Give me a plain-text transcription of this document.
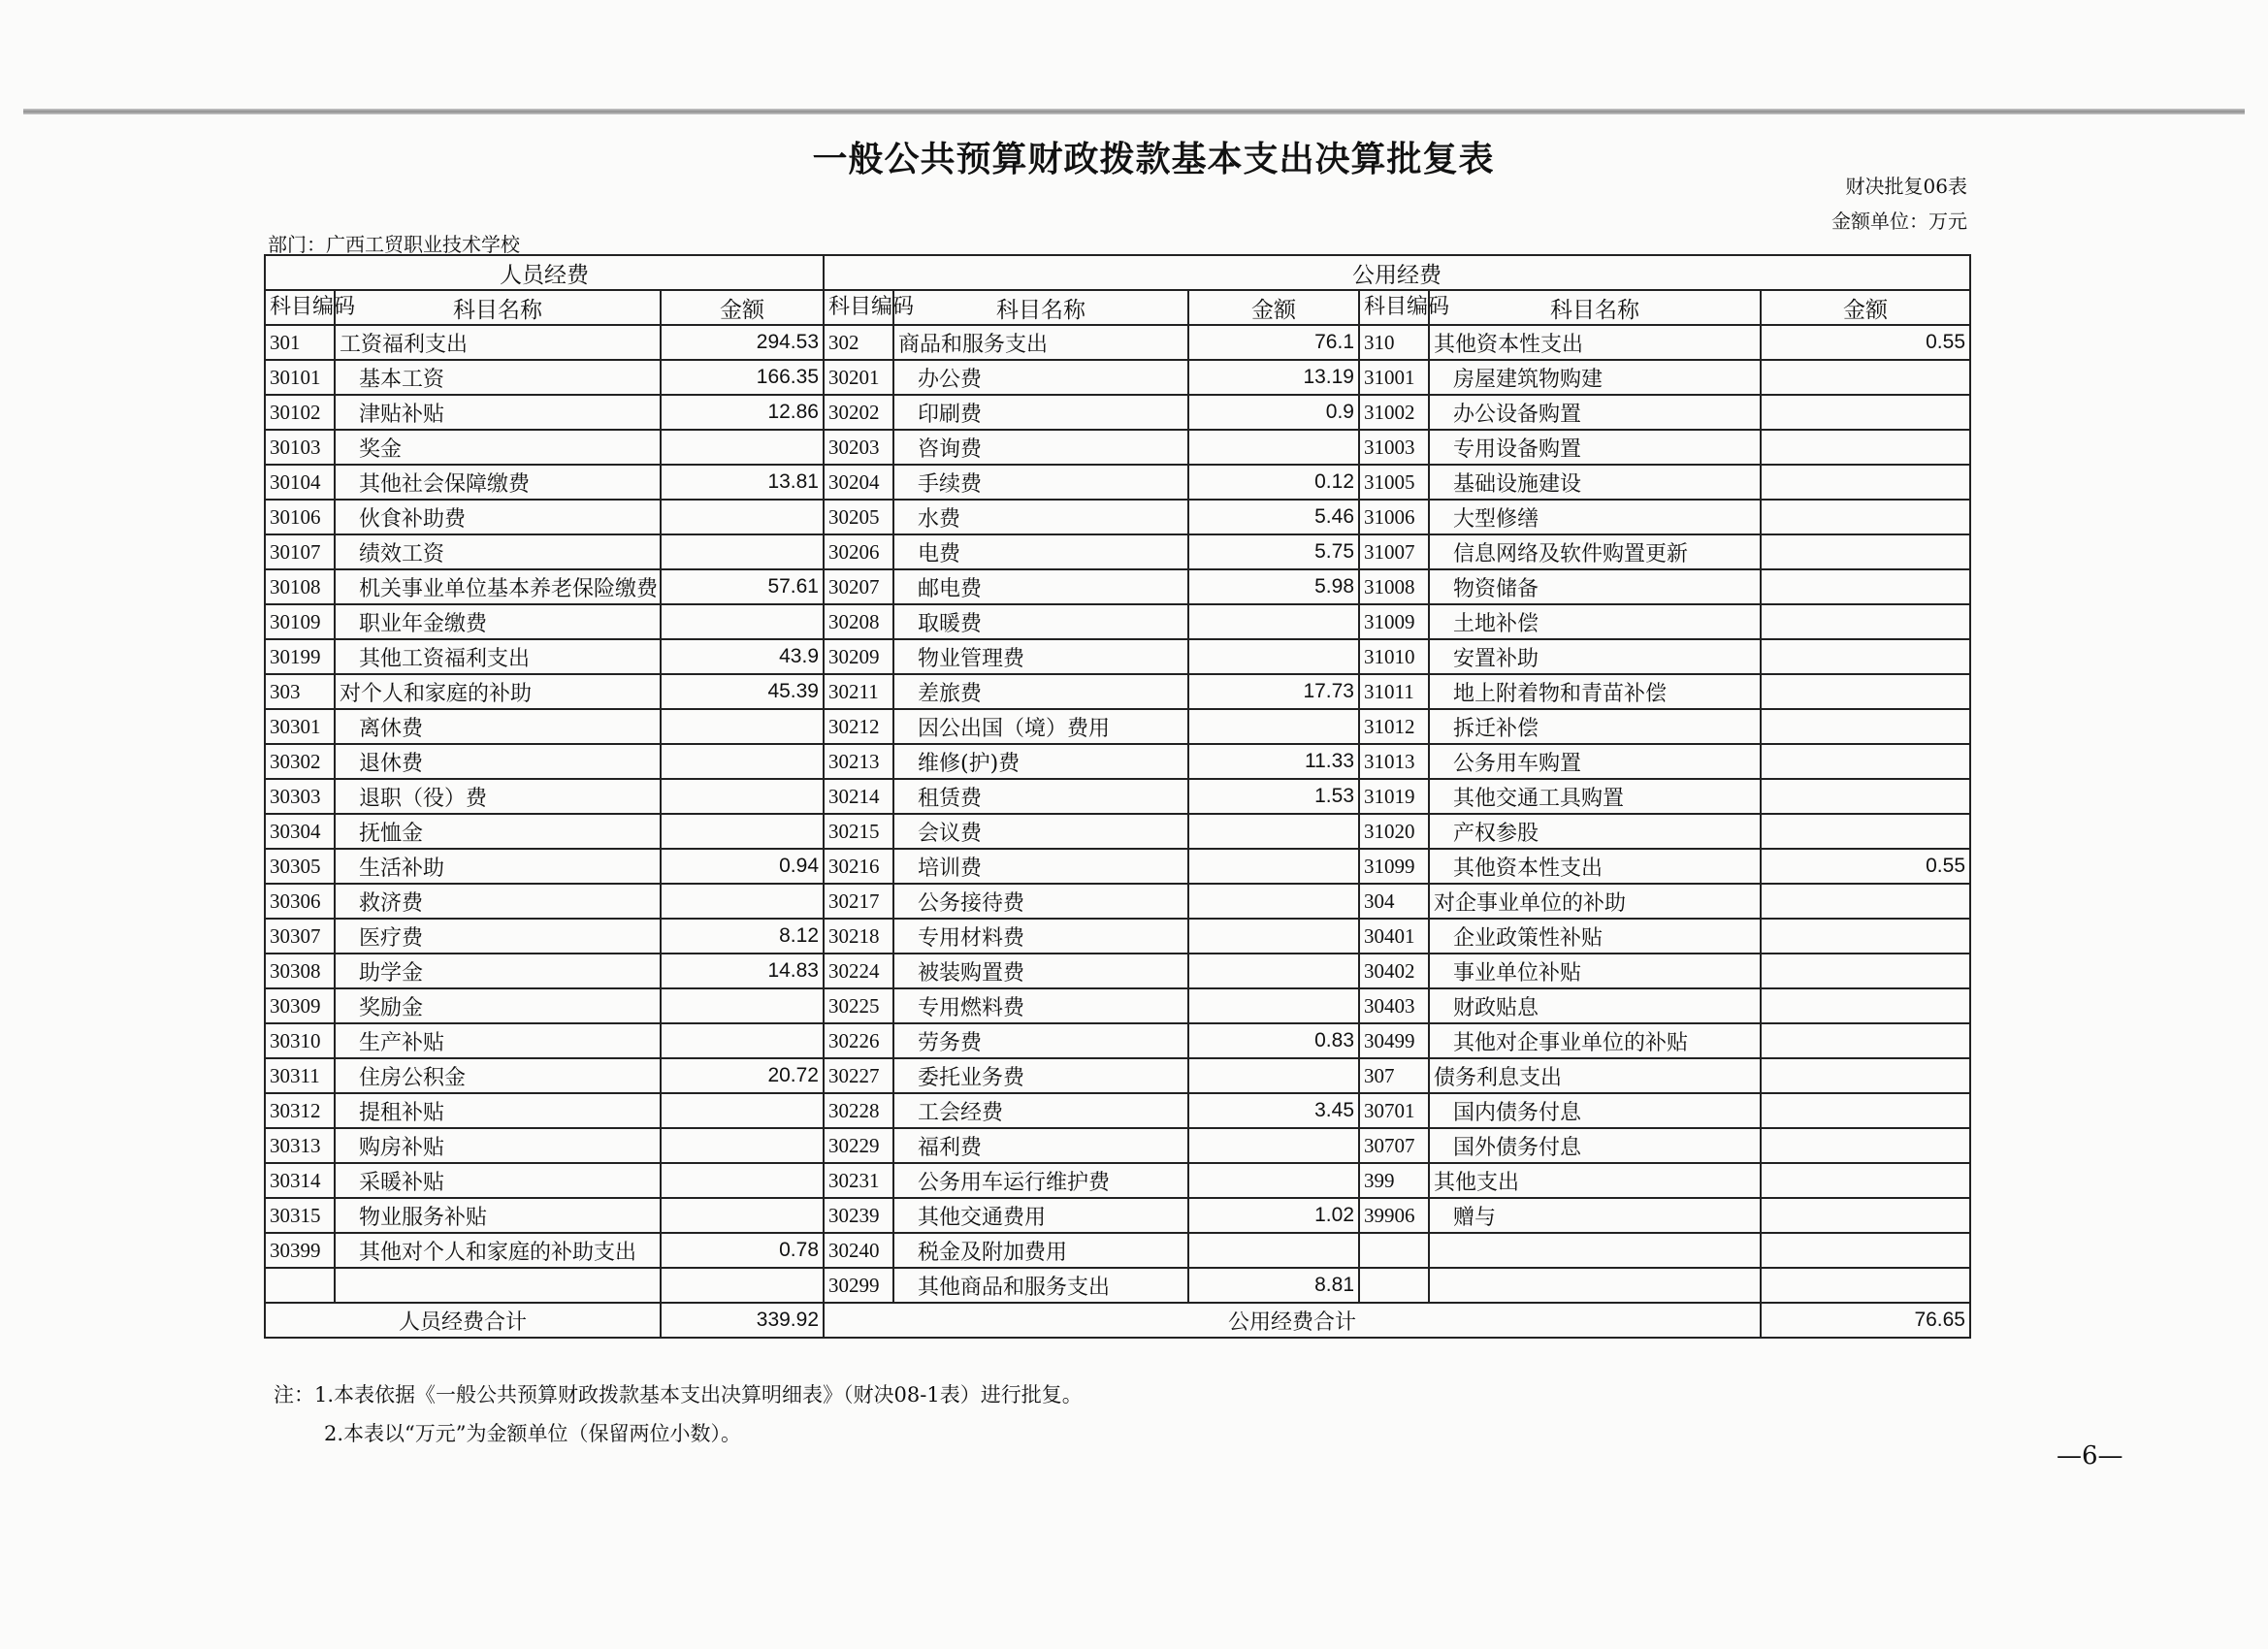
一般公共预算财政拨款基本支出决算批复表
财决批复06表
金额单位：万元
部门：广西工贸职业技术学校
人员经费			公用经费					
科目编码	科目名称	金额	科目编码	科目名称	金额	科目编码	科目名称	金额
301	工资福利支出	294.53	302	商品和服务支出	76.1	310	其他资本性支出	0.55
30101	基本工资	166.35	30201	办公费	13.19	31001	房屋建筑物购建	
30102	津贴补贴	12.86	30202	印刷费	0.9	31002	办公设备购置	
30103	奖金		30203	咨询费		31003	专用设备购置	
30104	其他社会保障缴费	13.81	30204	手续费	0.12	31005	基础设施建设	
30106	伙食补助费		30205	水费	5.46	31006	大型修缮	
30107	绩效工资		30206	电费	5.75	31007	信息网络及软件购置更新	
30108	机关事业单位基本养老保险缴费	57.61	30207	邮电费	5.98	31008	物资储备	
30109	职业年金缴费		30208	取暖费		31009	土地补偿	
30199	其他工资福利支出	43.9	30209	物业管理费		31010	安置补助	
303	对个人和家庭的补助	45.39	30211	差旅费	17.73	31011	地上附着物和青苗补偿	
30301	离休费		30212	因公出国（境）费用		31012	拆迁补偿	
30302	退休费		30213	维修(护)费	11.33	31013	公务用车购置	
30303	退职（役）费		30214	租赁费	1.53	31019	其他交通工具购置	
30304	抚恤金		30215	会议费		31020	产权参股	
30305	生活补助	0.94	30216	培训费		31099	其他资本性支出	0.55
30306	救济费		30217	公务接待费		304	对企事业单位的补助	
30307	医疗费	8.12	30218	专用材料费		30401	企业政策性补贴	
30308	助学金	14.83	30224	被装购置费		30402	事业单位补贴	
30309	奖励金		30225	专用燃料费		30403	财政贴息	
30310	生产补贴		30226	劳务费	0.83	30499	其他对企事业单位的补贴	
30311	住房公积金	20.72	30227	委托业务费		307	债务利息支出	
30312	提租补贴		30228	工会经费	3.45	30701	国内债务付息	
30313	购房补贴		30229	福利费		30707	国外债务付息	
30314	采暖补贴		30231	公务用车运行维护费		399	其他支出	
30315	物业服务补贴		30239	其他交通费用	1.02	39906	赠与	
30399	其他对个人和家庭的补助支出	0.78	30240	税金及附加费用				
			30299	其他商品和服务支出	8.81			
人员经费合计		339.92	公用经费合计					76.65
注：1.本表依据《一般公共预算财政拨款基本支出决算明细表》（财决08-1表）进行批复。
2.本表以“万元”为金额单位（保留两位小数）。
—6—
